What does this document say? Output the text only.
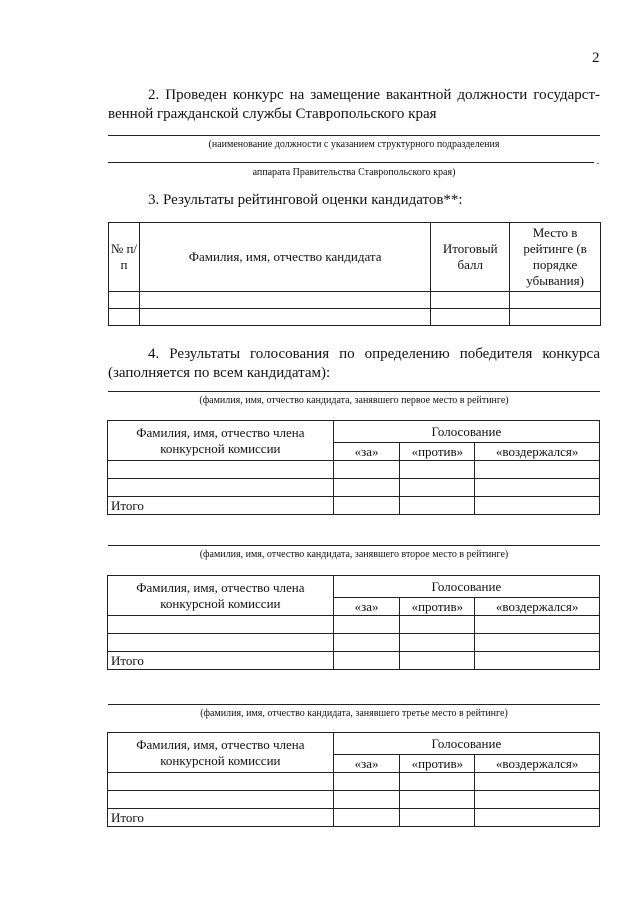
2
2. Проведен конкурс на замещение вакантной должности государст-
венной гражданской службы Ставропольского края
(наименование должности с указанием структурного подразделения
.
аппарата Правительства Ставропольского края)
3. Результаты рейтинговой оценки кандидатов**:
№ п/п	Фамилия, имя, отчество кандидата	Итоговый балл	Место в рейтинге (в порядке убывания)

4. Результаты голосования по определению победителя конкурса
(заполняется по всем кандидатам):
(фамилия, имя, отчество кандидата, занявшего первое место в рейтинге)
Фамилия, имя, отчество члена конкурсной комиссии	Голосование		
	«за»	«против»	«воздержался»

Итого			
(фамилия, имя, отчество кандидата, занявшего второе место в рейтинге)
Фамилия, имя, отчество члена конкурсной комиссии	Голосование		
	«за»	«против»	«воздержался»

Итого			
(фамилия, имя, отчество кандидата, занявшего третье место в рейтинге)
Фамилия, имя, отчество члена конкурсной комиссии	Голосование		
	«за»	«против»	«воздержался»

Итого			
